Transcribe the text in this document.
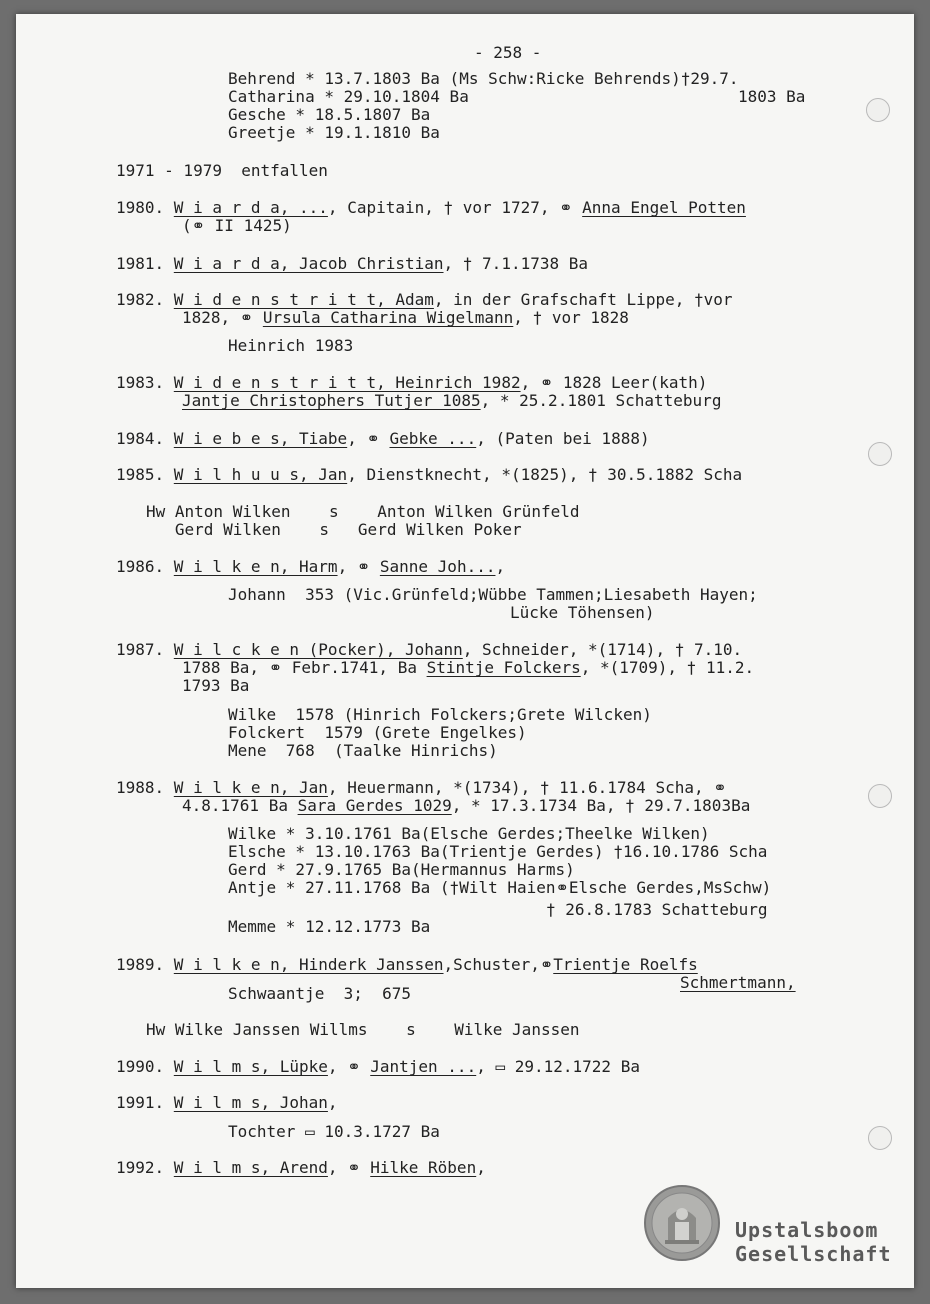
- 258 -
Behrend * 13.7.1803 Ba (Ms Schw:Ricke Behrends)†29.7.
Catharina * 29.10.1804 Ba	1803 Ba
Gesche * 18.5.1807 Ba
Greetje * 19.1.1810 Ba
1971 - 1979  entfallen
1980. W i a r d a, ..., Capitain, † vor 1727, ⚭ Anna Engel Potten
(⚭ II 1425)
1981. W i a r d a, Jacob Christian, † 7.1.1738 Ba
1982. W i d e n s t r i t t, Adam, in der Grafschaft Lippe, †vor
1828, ⚭ Ursula Catharina Wigelmann, † vor 1828
Heinrich 1983
1983. W i d e n s t r i t t, Heinrich 1982, ⚭ 1828 Leer(kath)
Jantje Christophers Tutjer 1085, * 25.2.1801 Schatteburg
1984. W i e b e s, Tiabe, ⚭ Gebke ..., (Paten bei 1888)
1985. W i l h u u s, Jan, Dienstknecht, *(1825), † 30.5.1882 Scha
Hw Anton Wilken    s    Anton Wilken Grünfeld
Gerd Wilken    s   Gerd Wilken Poker
1986. W i l k e n, Harm, ⚭ Sanne Joh...,
Johann  353 (Vic.Grünfeld;Wübbe Tammen;Liesabeth Hayen;
Lücke Töhensen)
1987. W i l c k e n (Pocker), Johann, Schneider, *(1714), † 7.10.
1788 Ba, ⚭ Febr.1741, Ba Stintje Folckers, *(1709), † 11.2.
1793 Ba
Wilke  1578 (Hinrich Folckers;Grete Wilcken)
Folckert  1579 (Grete Engelkes)
Mene  768  (Taalke Hinrichs)
1988. W i l k e n, Jan, Heuermann, *(1734), † 11.6.1784 Scha, ⚭
4.8.1761 Ba Sara Gerdes 1029, * 17.3.1734 Ba, † 29.7.1803Ba
Wilke * 3.10.1761 Ba(Elsche Gerdes;Theelke Wilken)
Elsche * 13.10.1763 Ba(Trientje Gerdes) †16.10.1786 Scha
Gerd * 27.9.1765 Ba(Hermannus Harms)
Antje * 27.11.1768 Ba (†Wilt Haien⚭Elsche Gerdes,MsSchw)
† 26.8.1783 Schatteburg
Memme * 12.12.1773 Ba
1989. W i l k e n, Hinderk Janssen,Schuster,⚭Trientje Roelfs
Schmertmann,
Schwaantje  3;  675
Hw Wilke Janssen Willms    s    Wilke Janssen
1990. W i l m s, Lüpke, ⚭ Jantjen ..., ▭ 29.12.1722 Ba
1991. W i l m s, Johan,
Tochter ▭ 10.3.1727 Ba
1992. W i l m s, Arend, ⚭ Hilke Röben,
Upstalsboom
Gesellschaft
